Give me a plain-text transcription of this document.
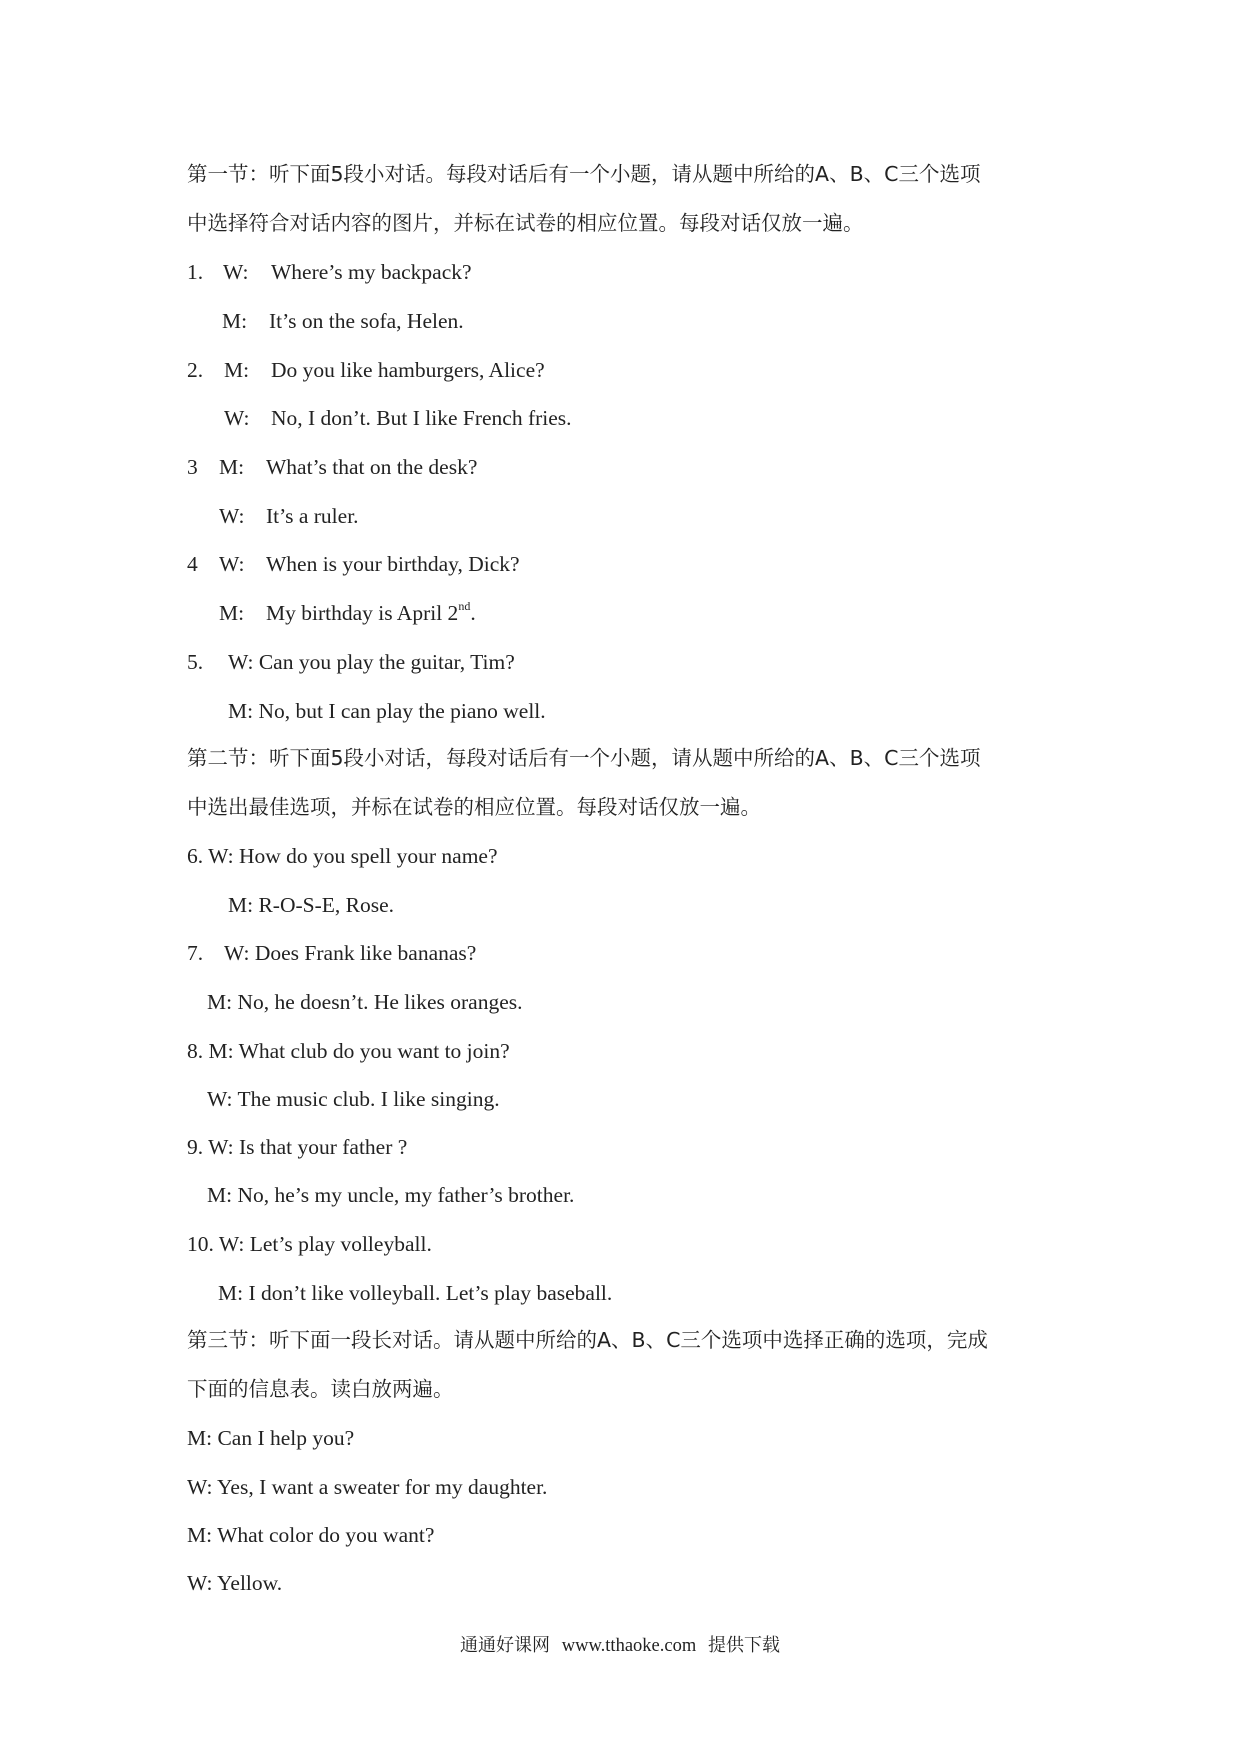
第一节：听下面5段小对话。每段对话后有一个小题，请从题中所给的A、B、C三个选项
中选择符合对话内容的图片，并标在试卷的相应位置。每段对话仅放一遍。
1. W: Where’s my backpack?
M: It’s on the sofa, Helen.
2. M: Do you like hamburgers, Alice?
W: No, I don’t. But I like French fries.
3 M: What’s that on the desk?
W: It’s a ruler.
4 W: When is your birthday, Dick?
M: My birthday is April 2nd.
5. W: Can you play the guitar, Tim?
M: No, but I can play the piano well.
第二节：听下面5段小对话，每段对话后有一个小题，请从题中所给的A、B、C三个选项
中选出最佳选项，并标在试卷的相应位置。每段对话仅放一遍。
6. W: How do you spell your name?
M: R-O-S-E, Rose.
7. W: Does Frank like bananas?
M: No, he doesn’t. He likes oranges.
8. M: What club do you want to join?
W: The music club. I like singing.
9. W: Is that your father ?
M: No, he’s my uncle, my father’s brother.
10. W: Let’s play volleyball.
M: I don’t like volleyball. Let’s play baseball.
第三节：听下面一段长对话。请从题中所给的A、B、C三个选项中选择正确的选项，完成
下面的信息表。读白放两遍。
M: Can I help you?
W: Yes, I want a sweater for my daughter.
M: What color do you want?
W: Yellow.
通通好课网 www.tthaoke.com 提供下载
